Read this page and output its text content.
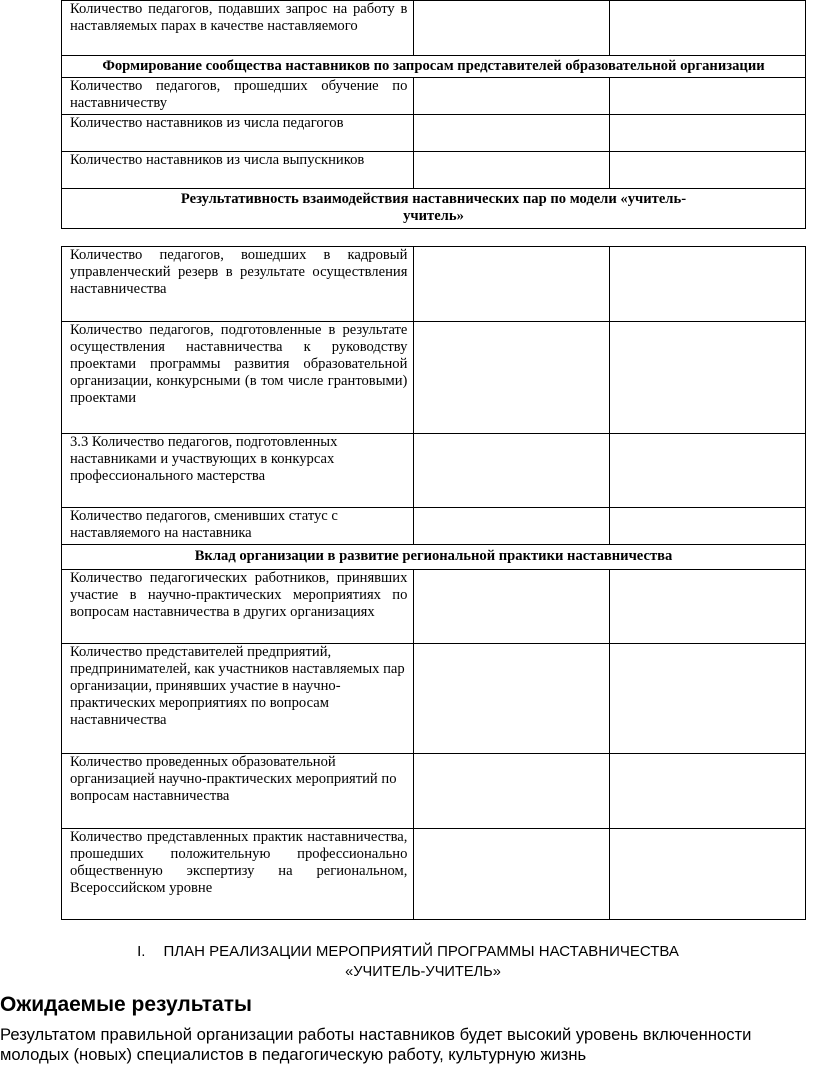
Количество педагогов, подавших запрос на работу в наставляемых парах в качестве наставляемого		
Формирование сообщества наставников по запросам представителей образовательной организации		
Количество педагогов, прошедших обучение по наставничеству		
Количество наставников из числа педагогов		
Количество наставников из числа выпускников		
Результативность взаимодействия наставнических пар по модели «учитель-учитель»		
Количество педагогов, вошедших в кадровый управленческий резерв в результате осуществления наставничества		
Количество педагогов, подготовленные в результате осуществления наставничества к руководству проектами программы развития образовательной организации, конкурсными (в том числе грантовыми) проектами		
3.3 Количество педагогов, подготовленных наставниками и участвующих в конкурсах профессионального мастерства		
Количество педагогов, сменивших статус с наставляемого на наставника		
Вклад организации в развитие региональной практики наставничества		
Количество педагогических работников, принявших участие в научно-практических мероприятиях по вопросам наставничества в других организациях		
Количество представителей предприятий, предпринимателей, как участников наставляемых пар организации, принявших участие в научно-практических мероприятиях по вопросам наставничества		
Количество проведенных образовательной организацией научно-практических мероприятий по вопросам наставничества		
Количество представленных практик наставничества, прошедших положительную профессионально общественную экспертизу на региональном, Всероссийском уровне		
I. ПЛАН РЕАЛИЗАЦИИ МЕРОПРИЯТИЙ ПРОГРАММЫ НАСТАВНИЧЕСТВА
«УЧИТЕЛЬ-УЧИТЕЛЬ»
Ожидаемые результаты

Результатом правильной организации работы наставников будет высокий уровень включенности молодых (новых) специалистов в педагогическую работу, культурную жизнь
